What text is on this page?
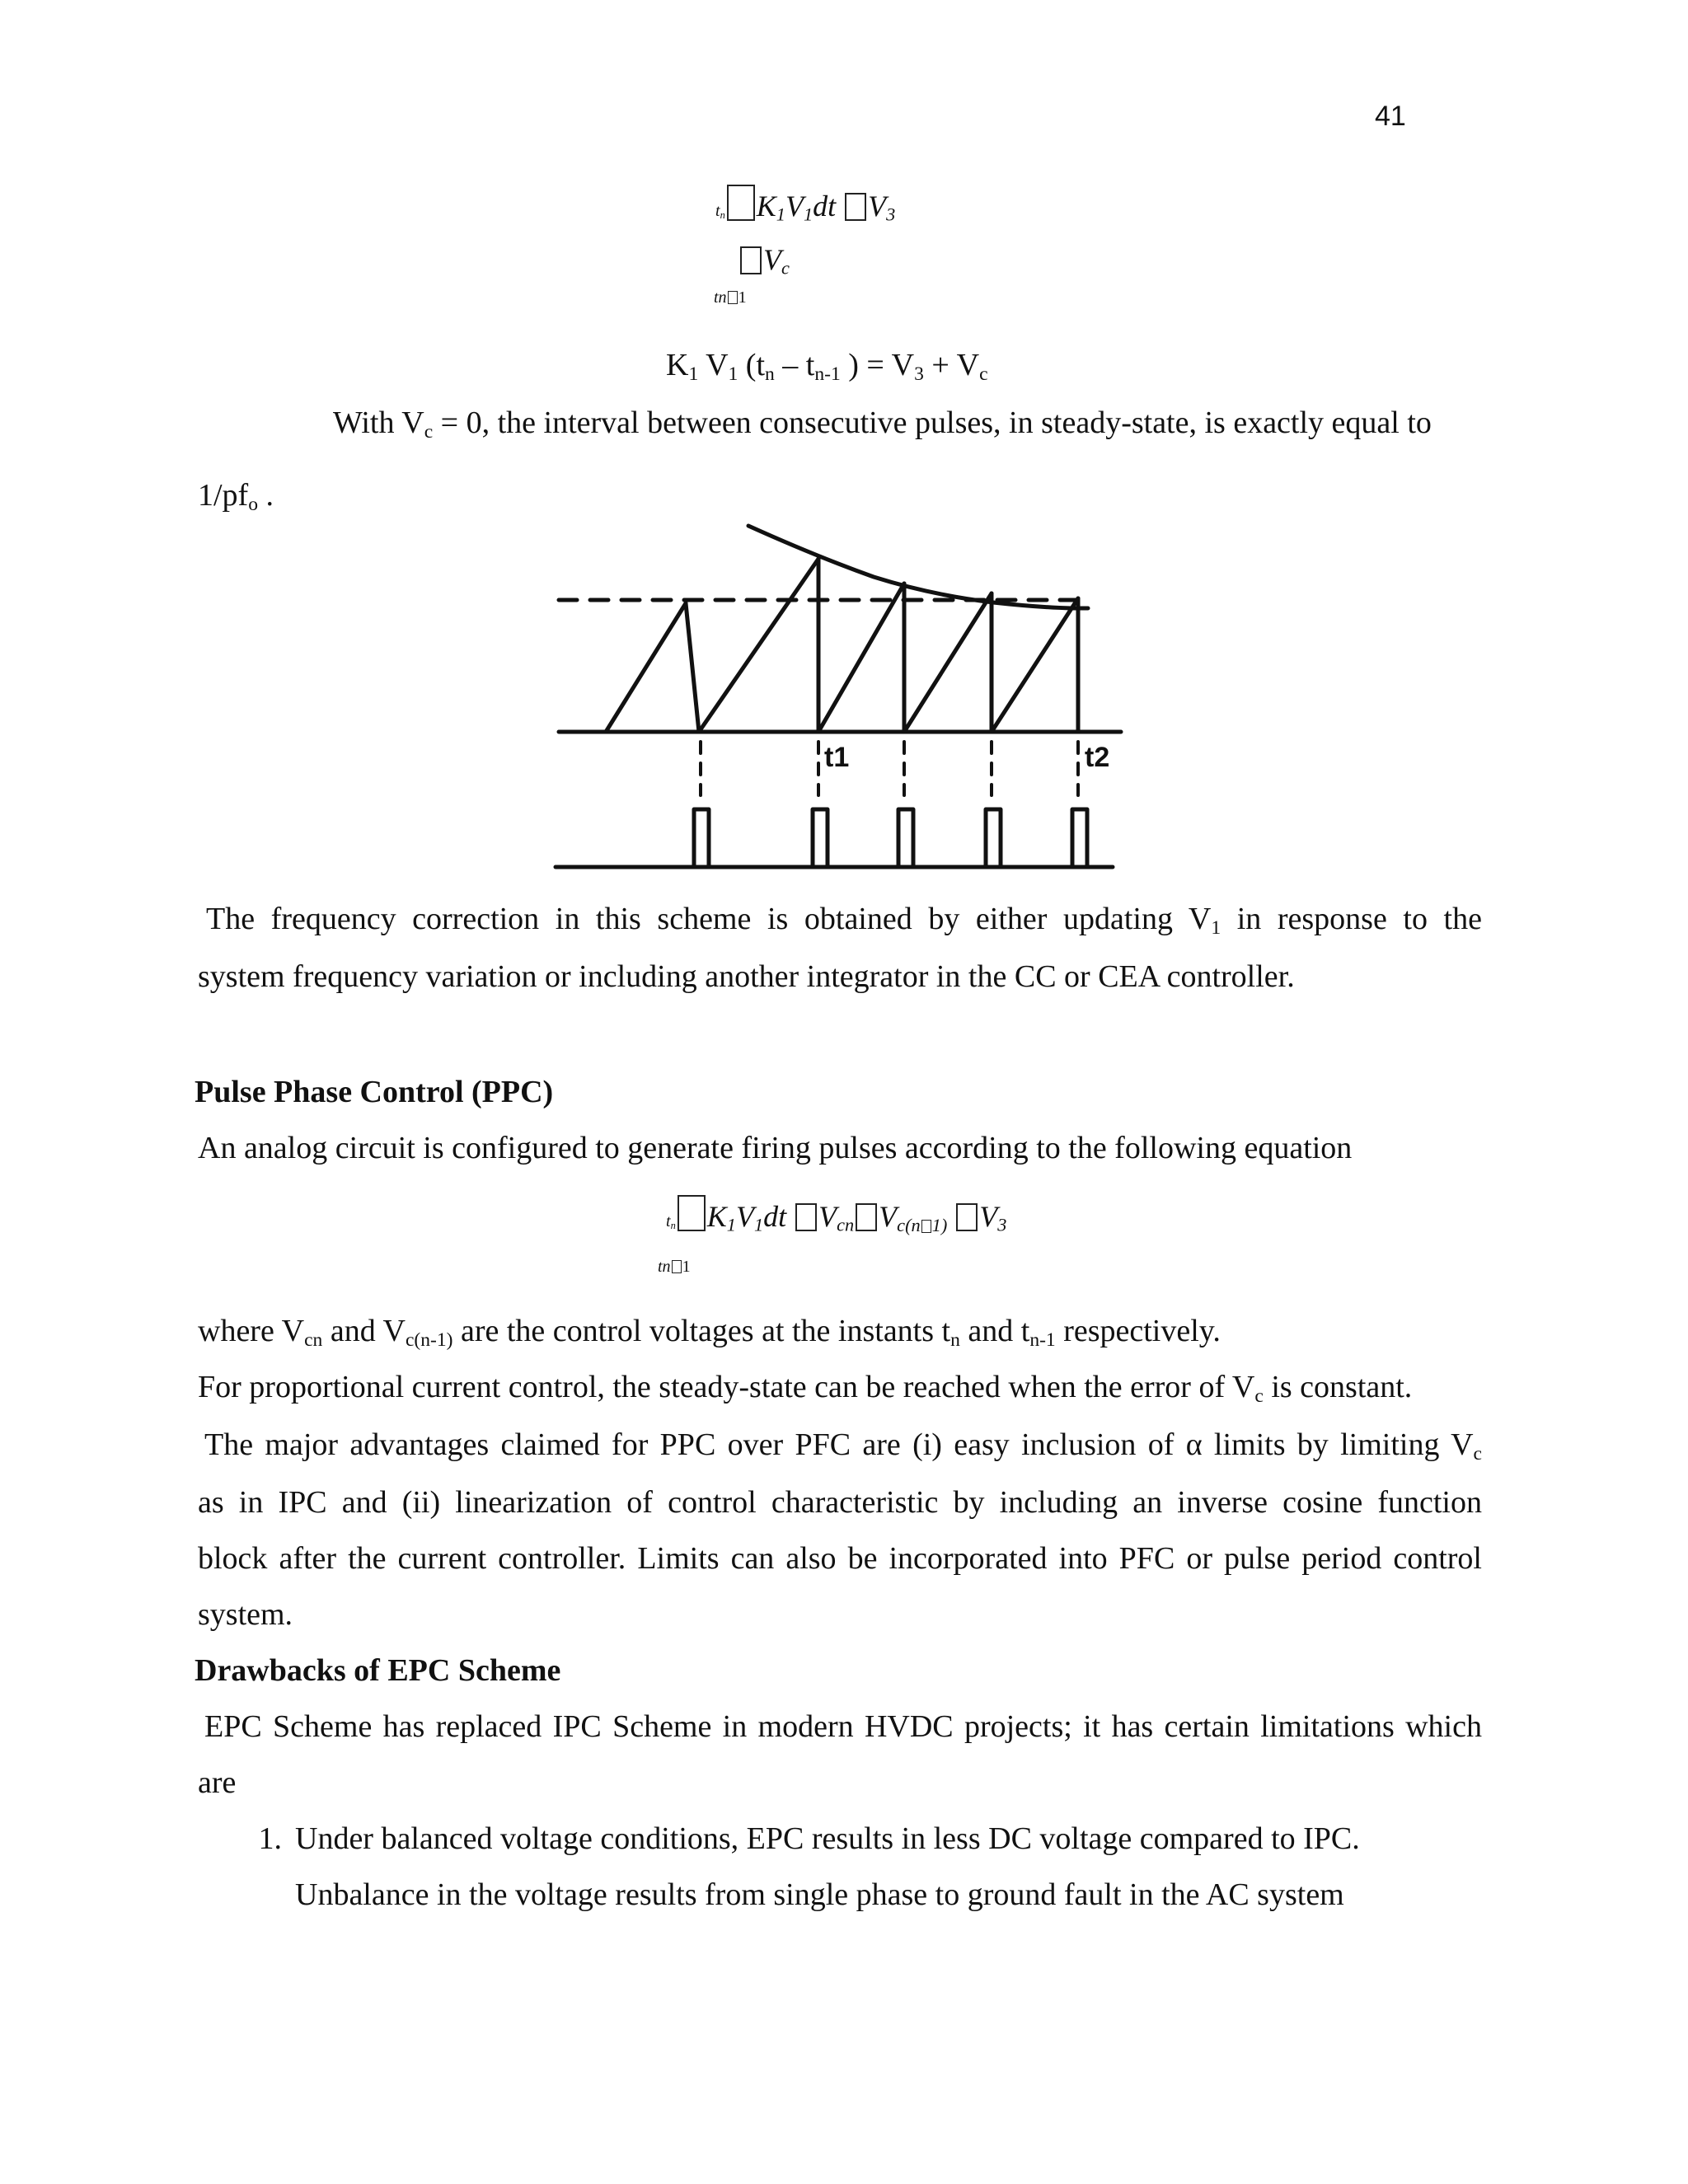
41
$t_n$ $K_1V_1dt$ $V_3$
$V_c$
tn 1
$K_1$ $V_1$ ($t_n - t_{n-1}$ ) = $V_3 + V_c$
With $V_c = 0$, the interval between consecutive pulses, in steady-state, is exactly equal to
$1/pf_o$ .
t1	t2
The frequency correction in this scheme is obtained by either updating $V_1$ in response to the
system frequency variation or including another integrator in the CC or CEA controller.
Pulse Phase Control (PPC)
An analog circuit is configured to generate firing pulses according to the following equation
$t_n$ $K_1V_1dt$ $V_{cn}$ $V_{c(n 1)}$ $V_3$
tn 1
where $V_{cn}$ and $V_{c(n-1)}$ are the control voltages at the instants $t_n$ and $t_{n-1}$ respectively.
For proportional current control, the steady-state can be reached when the error of $V_c$ is constant.
The major advantages claimed for PPC over PFC are (i) easy inclusion of α limits by limiting $V_c$
as in IPC and (ii) linearization of control characteristic by including an inverse cosine function
block after the current controller. Limits can also be incorporated into PFC or pulse period control
system.
Drawbacks of EPC Scheme
EPC Scheme has replaced IPC Scheme in modern HVDC projects; it has certain limitations which
are
1. Under balanced voltage conditions, EPC results in less DC voltage compared to IPC.
Unbalance in the voltage results from single phase to ground fault in the AC system
